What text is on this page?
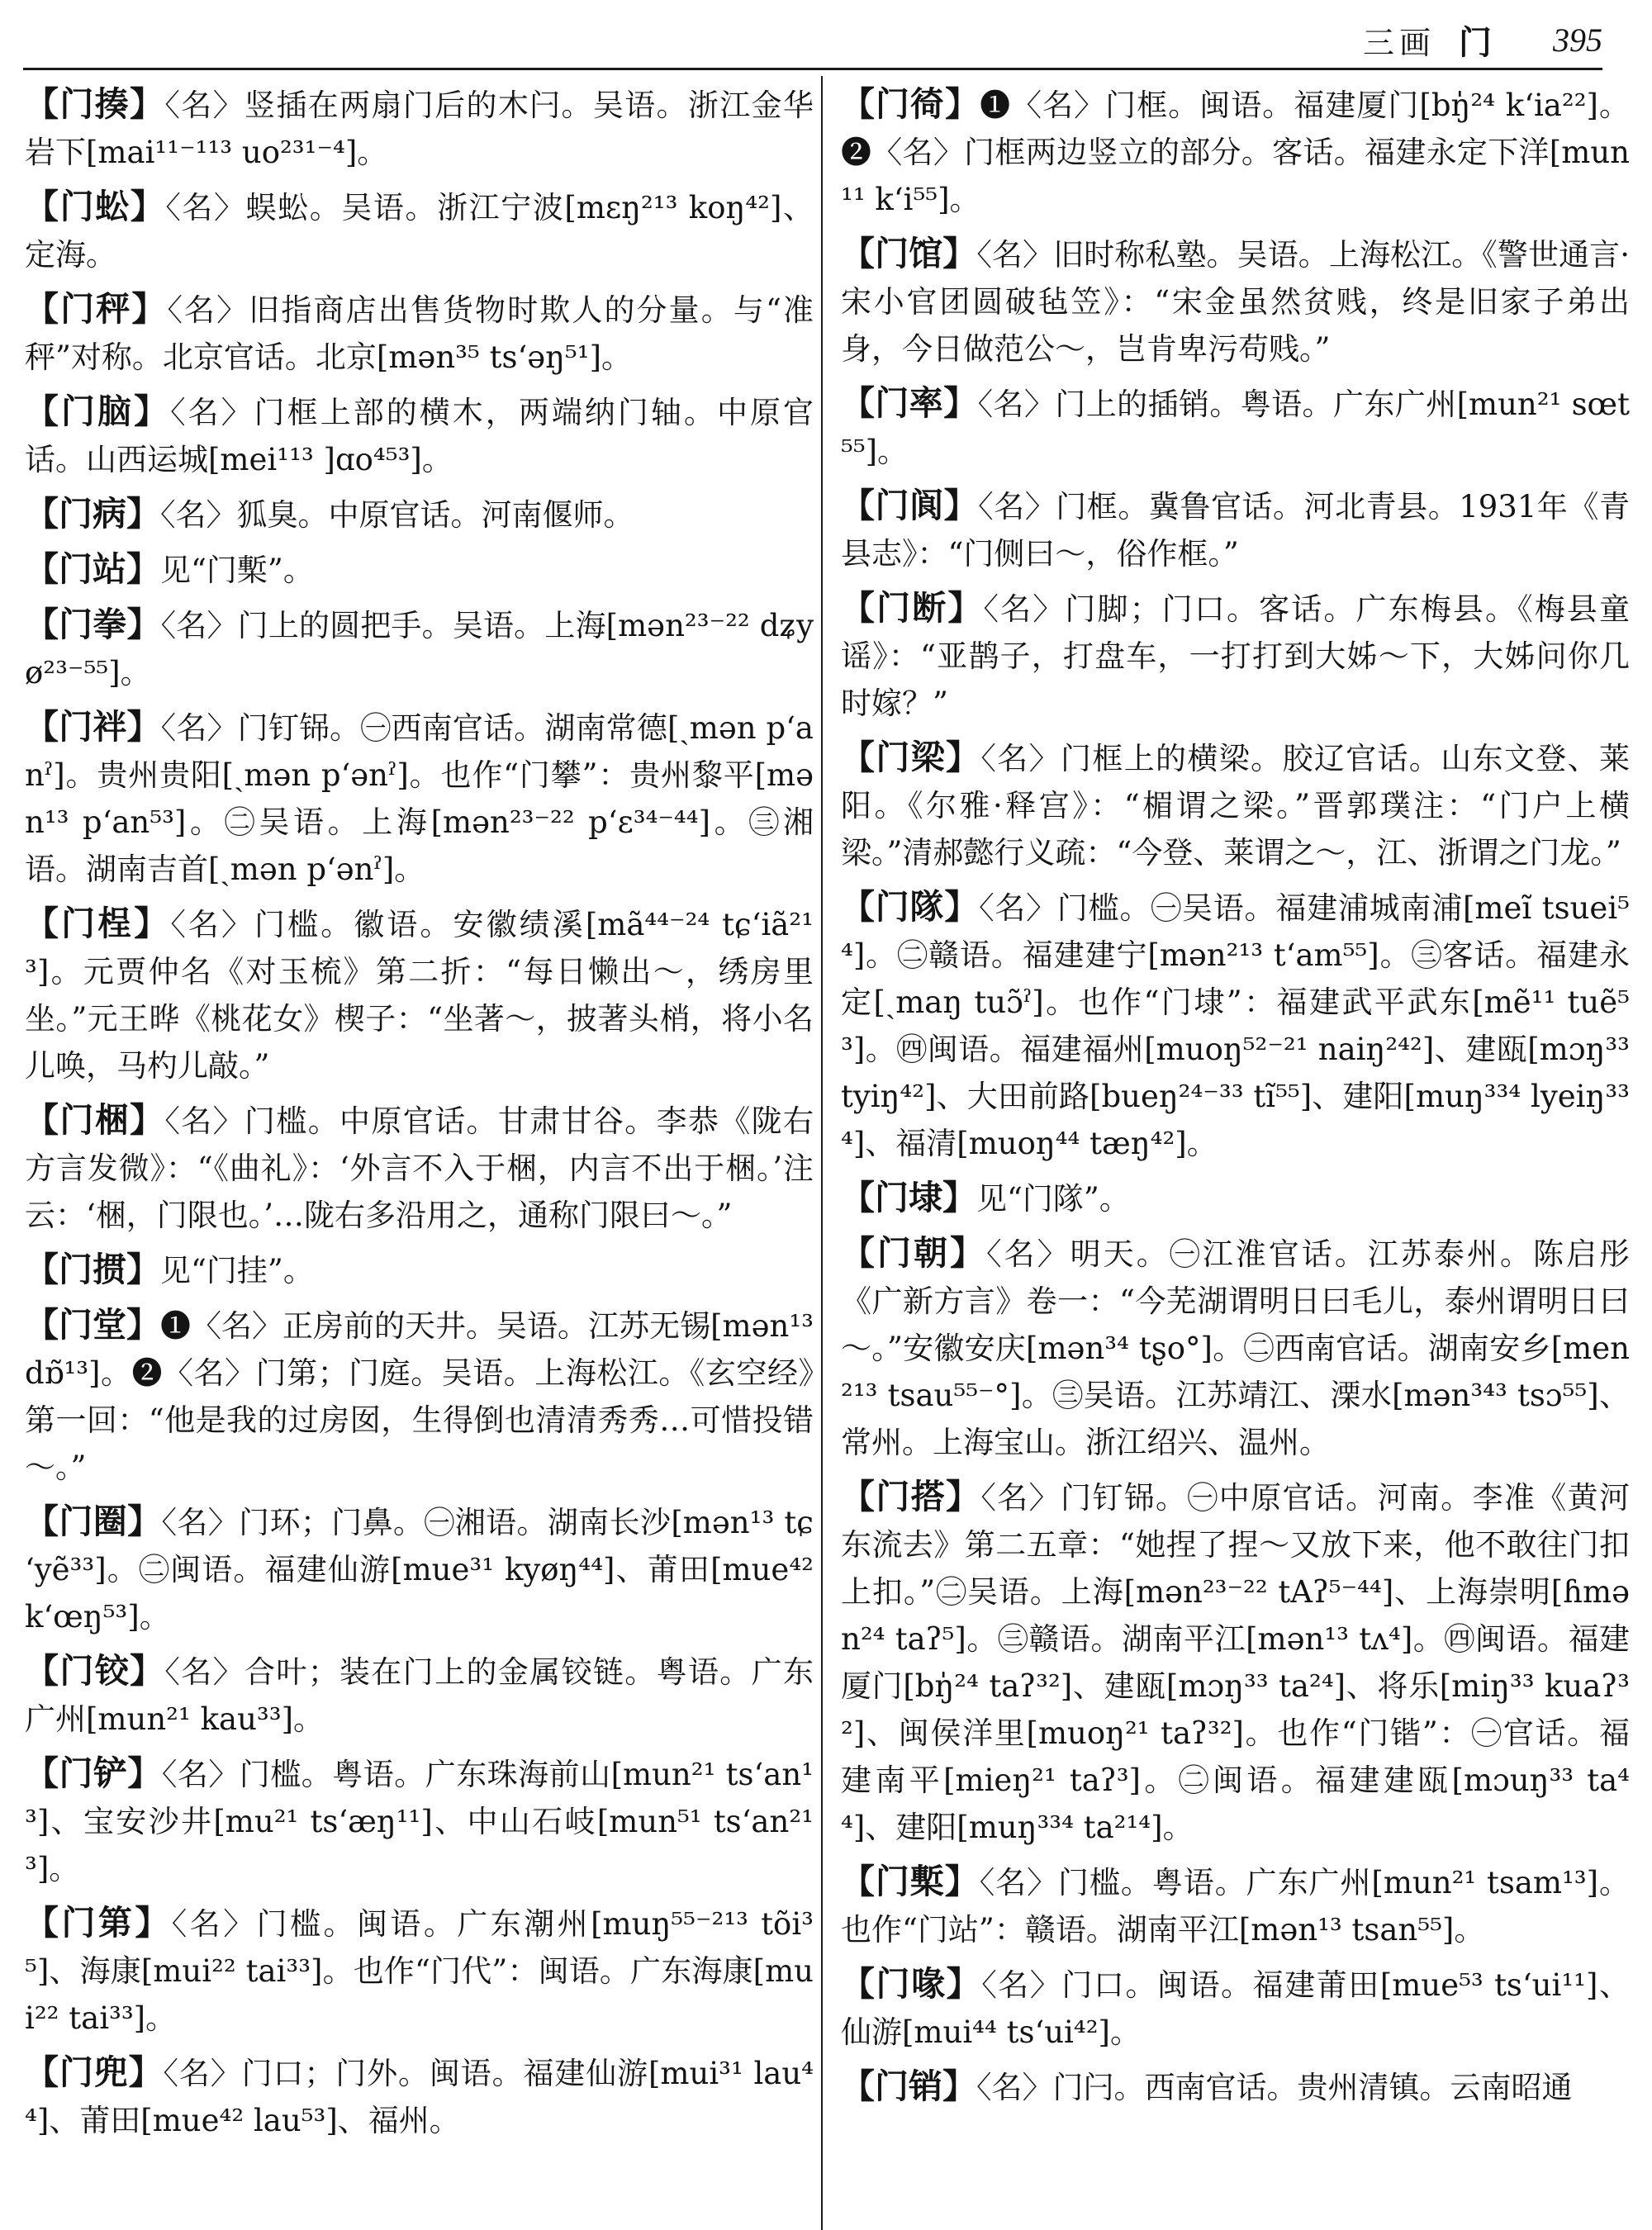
三画 门 395

【门揍】〈名〉竖插在两扇门后的木闩。吴语。浙江金华岩下[mai¹¹⁻¹¹³ uo²³¹⁻⁴]。

【门蚣】〈名〉蜈蚣。吴语。浙江宁波[mɛŋ²¹³ koŋ⁴²]、定海。

【门秤】〈名〉旧指商店出售货物时欺人的分量。与“准秤”对称。北京官话。北京[mən³⁵ tsʻəŋ⁵¹]。

【门脑】〈名〉门框上部的横木，两端纳门轴。中原官话。山西运城[mei¹¹³ ]ɑo⁴⁵³]。

【门病】〈名〉狐臭。中原官话。河南偃师。

【门站】见“门槧”。

【门拳】〈名〉门上的圆把手。吴语。上海[mən²³⁻²² dʑyø²³⁻⁵⁵]。

【门袢】〈名〉门钉铞。㊀西南官话。湖南常德[ˏmən pʻanˀ]。贵州贵阳[ˏmən pʻənˀ]。也作“门攀”：贵州黎平[mən¹³ pʻan⁵³]。㊁吴语。上海[mən²³⁻²² pʻɛ³⁴⁻⁴⁴]。㊂湘语。湖南吉首[ˏmən pʻənˀ]。

【门桯】〈名〉门槛。徽语。安徽绩溪[mã⁴⁴⁻²⁴ tɕʻiã²¹³]。元贾仲名《对玉梳》第二折：“每日懒出～，绣房里坐。”元王晔《桃花女》楔子：“坐著～，披著头梢，将小名儿唤，马杓儿敲。”

【门梱】〈名〉门槛。中原官话。甘肃甘谷。李恭《陇右方言发微》：“《曲礼》：‘外言不入于梱，内言不出于梱。’注云：‘梱，门限也。’…陇右多沿用之，通称门限曰～。”

【门掼】见“门挂”。

【门堂】❶〈名〉正房前的天井。吴语。江苏无锡[mən¹³ dɒ̃¹³]。❷〈名〉门第；门庭。吴语。上海松江。《玄空经》第一回：“他是我的过房囡，生得倒也清清秀秀…可惜投错～。”

【门圈】〈名〉门环；门鼻。㊀湘语。湖南长沙[mən¹³ tɕʻyẽ³³]。㊁闽语。福建仙游[mue³¹ kyøŋ⁴⁴]、莆田[mue⁴² kʻœŋ⁵³]。

【门铰】〈名〉合叶；装在门上的金属铰链。粤语。广东广州[mun²¹ kau³³]。

【门铲】〈名〉门槛。粤语。广东珠海前山[mun²¹ tsʻan¹³]、宝安沙井[mu²¹ tsʻæŋ¹¹]、中山石岐[mun⁵¹ tsʻan²¹³]。

【门第】〈名〉门槛。闽语。广东潮州[muŋ⁵⁵⁻²¹³ tõi³⁵]、海康[mui²² tai³³]。也作“门代”：闽语。广东海康[mui²² tai³³]。

【门兜】〈名〉门口；门外。闽语。福建仙游[mui³¹ lau⁴⁴]、莆田[mue⁴² lau⁵³]、福州。

【门徛】❶〈名〉门框。闽语。福建厦门[bŋ̍²⁴ kʻia²²]。❷〈名〉门框两边竖立的部分。客话。福建永定下洋[mun¹¹ kʻi⁵⁵]。

【门馆】〈名〉旧时称私塾。吴语。上海松江。《警世通言·宋小官团圆破毡笠》：“宋金虽然贫贱，终是旧家子弟出身，今日做范公～，岂肯卑污苟贱。”

【门率】〈名〉门上的插销。粤语。广东广州[mun²¹ sœt⁵⁵]。

【门阆】〈名〉门框。冀鲁官话。河北青县。1931年《青县志》：“门侧曰～，俗作框。”

【门断】〈名〉门脚；门口。客话。广东梅县。《梅县童谣》：“亚鹊子，打盘车，一打打到大姊～下，大姊问你几时嫁？”

【门梁】〈名〉门框上的横梁。胶辽官话。山东文登、莱阳。《尔雅·释宫》：“楣谓之梁。”晋郭璞注：“门户上横梁。”清郝懿行义疏：“今登、莱谓之～，江、浙谓之门龙。”

【门隊】〈名〉门槛。㊀吴语。福建浦城南浦[meĩ tsuei⁵⁴]。㊁赣语。福建建宁[mən²¹³ tʻam⁵⁵]。㊂客话。福建永定[ˏmaŋ tuɔ̃ˀ]。也作“门埭”：福建武平武东[mẽ¹¹ tuẽ⁵³]。㊃闽语。福建福州[muoŋ⁵²⁻²¹ naiŋ²⁴²]、建瓯[mɔŋ³³ tyiŋ⁴²]、大田前路[bueŋ²⁴⁻³³ tĩ⁵⁵]、建阳[muŋ³³⁴ lyeiŋ³³⁴]、福清[muoŋ⁴⁴ tæŋ⁴²]。

【门埭】见“门隊”。

【门朝】〈名〉明天。㊀江淮官话。江苏泰州。陈启彤《广新方言》卷一：“今芜湖谓明日曰毛儿，泰州谓明日曰～。”安徽安庆[mən³⁴ tʂo°]。㊁西南官话。湖南安乡[men²¹³ tsau⁵⁵⁻°]。㊂吴语。江苏靖江、溧水[mən³⁴³ tsɔ⁵⁵]、常州。上海宝山。浙江绍兴、温州。

【门搭】〈名〉门钉铞。㊀中原官话。河南。李准《黄河东流去》第二五章：“她捏了捏～又放下来，他不敢往门扣上扣。”㊁吴语。上海[mən²³⁻²² tAʔ⁵⁻⁴⁴]、上海崇明[ɦmən²⁴ taʔ⁵]。㊂赣语。湖南平江[mən¹³ tʌ⁴]。㊃闽语。福建厦门[bŋ̍²⁴ taʔ³²]、建瓯[mɔŋ³³ ta²⁴]、将乐[miŋ³³ kuaʔ³²]、闽侯洋里[muoŋ²¹ taʔ³²]。也作“门锴”：㊀官话。福建南平[mieŋ²¹ taʔ³]。㊁闽语。福建建瓯[mɔuŋ³³ ta⁴⁴]、建阳[muŋ³³⁴ ta²¹⁴]。

【门槧】〈名〉门槛。粤语。广东广州[mun²¹ tsam¹³]。也作“门站”：赣语。湖南平江[mən¹³ tsan⁵⁵]。

【门喙】〈名〉门口。闽语。福建莆田[mue⁵³ tsʻui¹¹]、仙游[mui⁴⁴ tsʻui⁴²]。

【门销】〈名〉门闩。西南官话。贵州清镇。云南昭通
